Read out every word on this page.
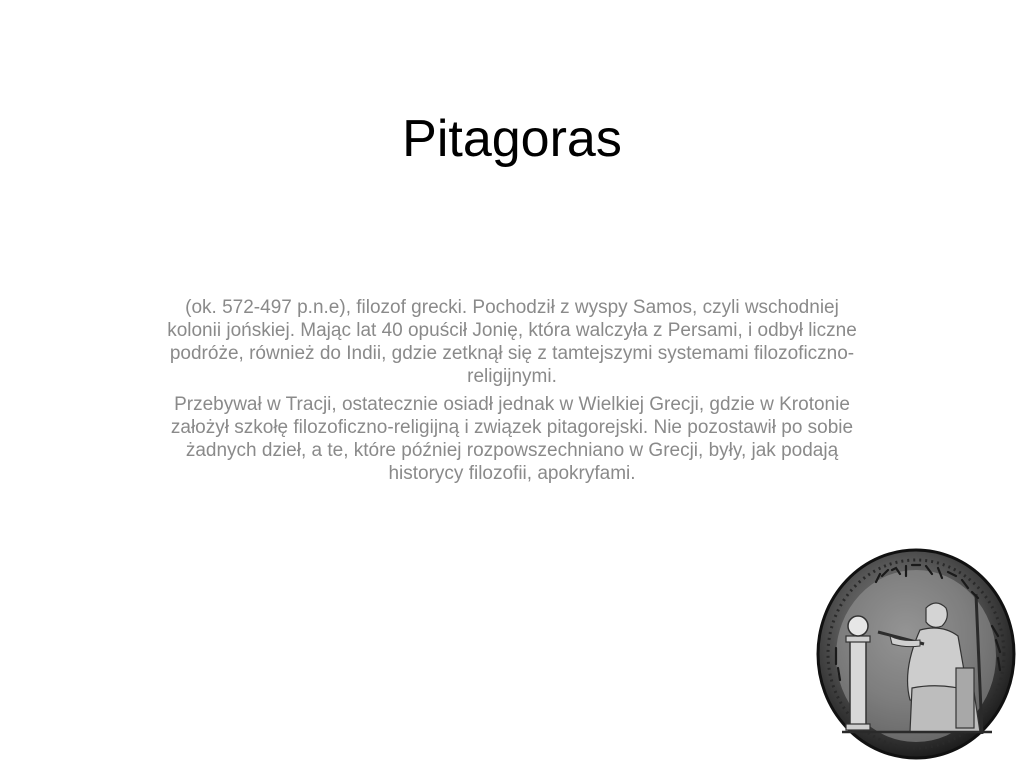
Pitagoras

(ok. 572-497 p.n.e), filozof grecki. Pochodził z wyspy Samos, czyli wschodniej kolonii jońskiej. Mając lat 40 opuścił Jonię, która walczyła z Persami, i odbył liczne podróże, również do Indii, gdzie zetknął się z tamtejszymi systemami filozoficzno-religijnymi.

Przebywał w Tracji, ostatecznie osiadł jednak w Wielkiej Grecji, gdzie w Krotonie założył szkołę filozoficzno-religijną i związek pitagorejski. Nie pozostawił po sobie żadnych dzieł, a te, które później rozpowszechniano w Grecji, były, jak podają historycy filozofii, apokryfami.
